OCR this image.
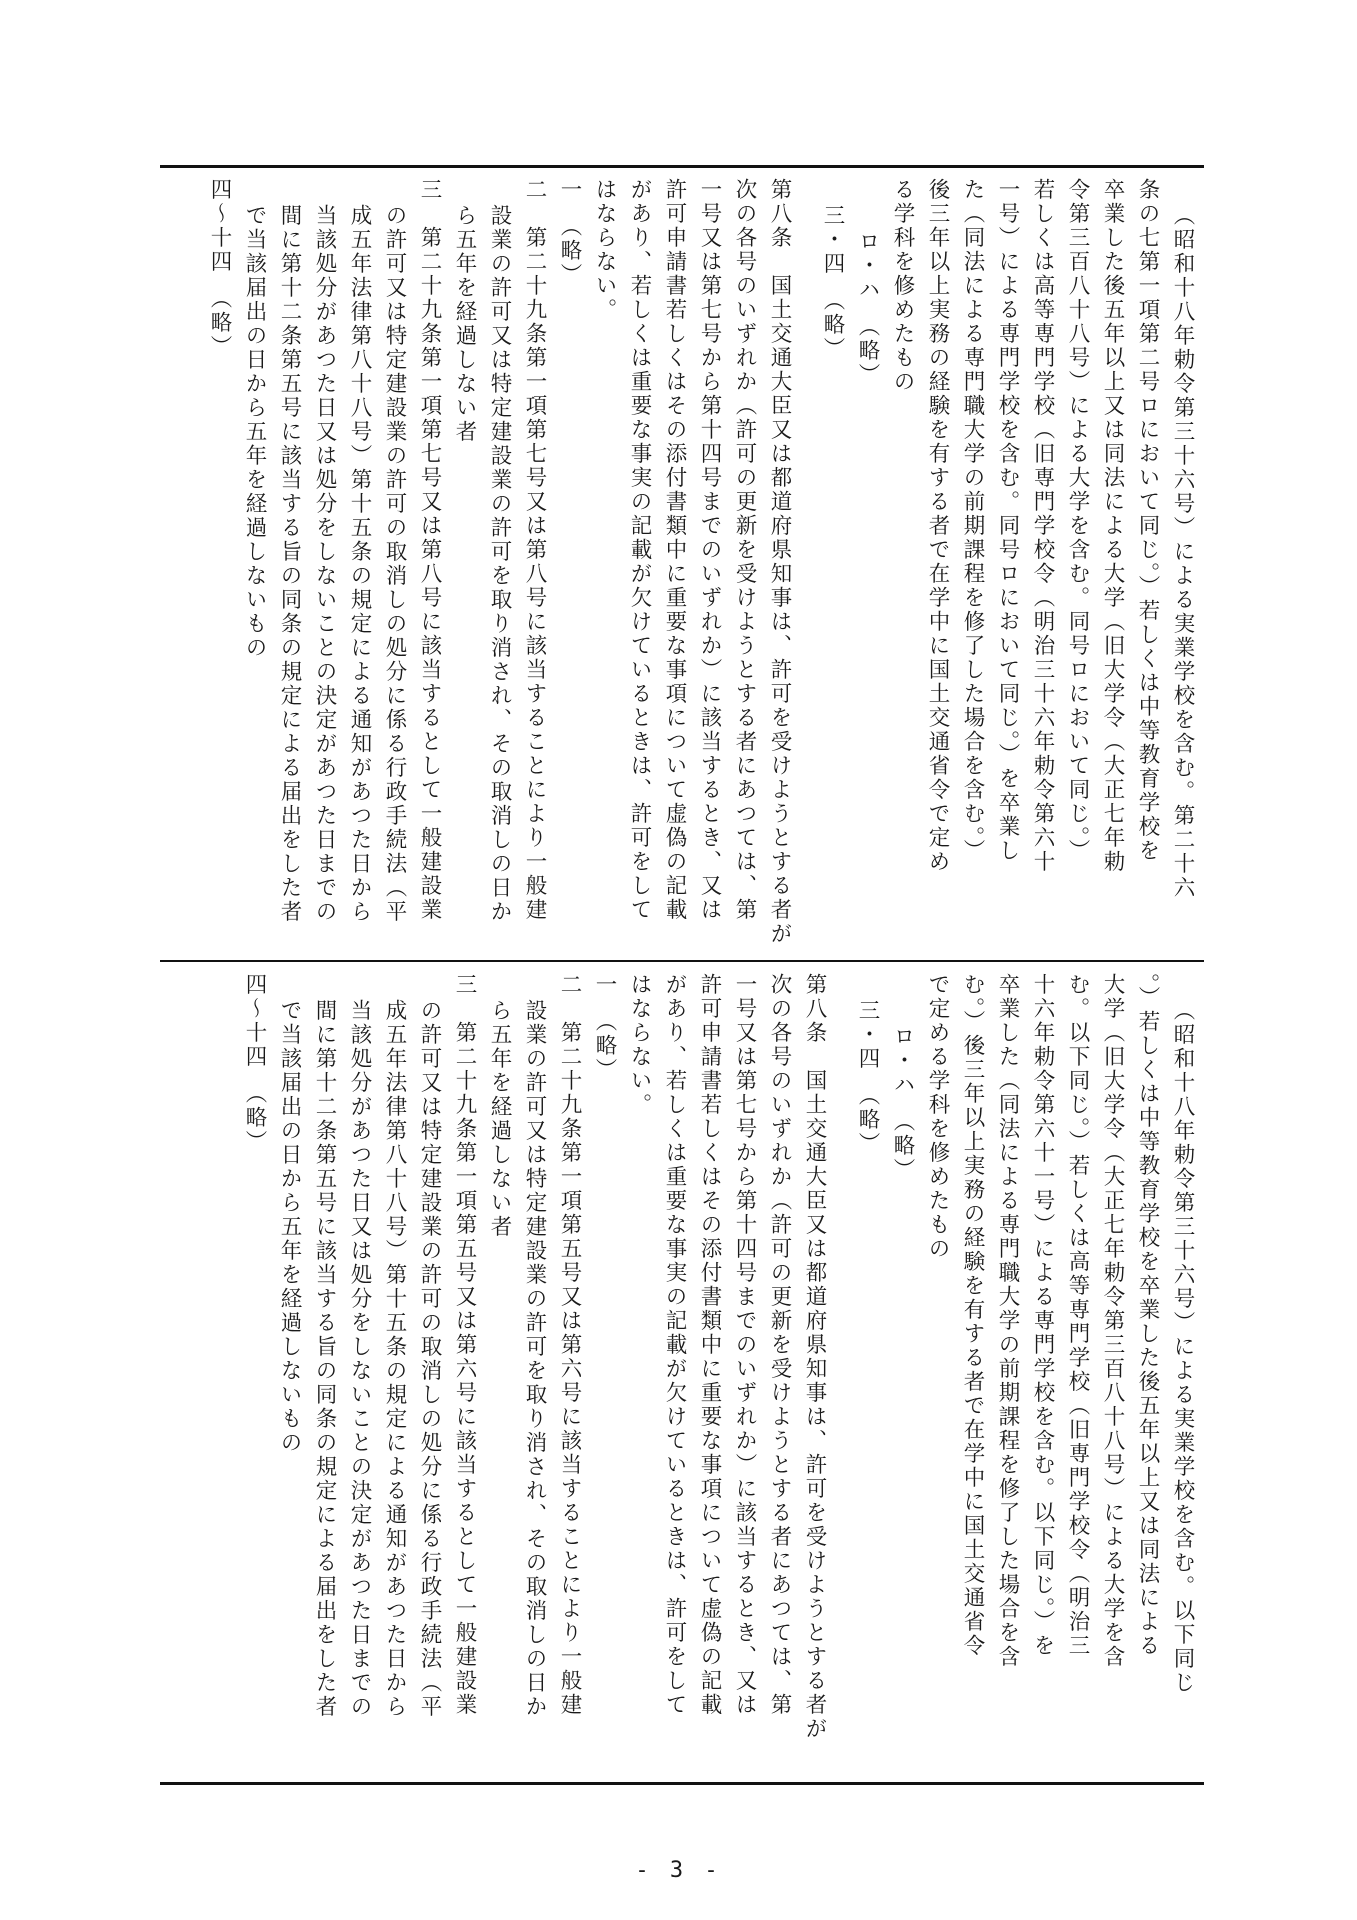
（昭和十八年勅令第三十六号）による実業学校を含む。第二十六
条の七第一項第二号ロにおいて同じ。）若しくは中等教育学校を
卒業した後五年以上又は同法による大学（旧大学令（大正七年勅
令第三百八十八号）による大学を含む。同号ロにおいて同じ。）
若しくは高等専門学校（旧専門学校令（明治三十六年勅令第六十
一号）による専門学校を含む。同号ロにおいて同じ。）を卒業し
た（同法による専門職大学の前期課程を修了した場合を含む。）
後三年以上実務の経験を有する者で在学中に国土交通省令で定め
る学科を修めたもの
ロ・ハ　（略）
三・四　（略）
第八条　国土交通大臣又は都道府県知事は、許可を受けようとする者が
次の各号のいずれか（許可の更新を受けようとする者にあつては、第
一号又は第七号から第十四号までのいずれか）に該当するとき、又は
許可申請書若しくはその添付書類中に重要な事項について虚偽の記載
があり、若しくは重要な事実の記載が欠けているときは、許可をして
はならない。
一　（略）
二　第二十九条第一項第七号又は第八号に該当することにより一般建
設業の許可又は特定建設業の許可を取り消され、その取消しの日か
ら五年を経過しない者
三　第二十九条第一項第七号又は第八号に該当するとして一般建設業
の許可又は特定建設業の許可の取消しの処分に係る行政手続法（平
成五年法律第八十八号）第十五条の規定による通知があつた日から
当該処分があつた日又は処分をしないことの決定があつた日までの
間に第十二条第五号に該当する旨の同条の規定による届出をした者
で当該届出の日から五年を経過しないもの
四～十四　（略）
（昭和十八年勅令第三十六号）による実業学校を含む。以下同じ
。）若しくは中等教育学校を卒業した後五年以上又は同法による
大学（旧大学令（大正七年勅令第三百八十八号）による大学を含
む。以下同じ。）若しくは高等専門学校（旧専門学校令（明治三
十六年勅令第六十一号）による専門学校を含む。以下同じ。）を
卒業した（同法による専門職大学の前期課程を修了した場合を含
む。）後三年以上実務の経験を有する者で在学中に国土交通省令
で定める学科を修めたもの
ロ・ハ　（略）
三・四　（略）
第八条　国土交通大臣又は都道府県知事は、許可を受けようとする者が
次の各号のいずれか（許可の更新を受けようとする者にあつては、第
一号又は第七号から第十四号までのいずれか）に該当するとき、又は
許可申請書若しくはその添付書類中に重要な事項について虚偽の記載
があり、若しくは重要な事実の記載が欠けているときは、許可をして
はならない。
一　（略）
二　第二十九条第一項第五号又は第六号に該当することにより一般建
設業の許可又は特定建設業の許可を取り消され、その取消しの日か
ら五年を経過しない者
三　第二十九条第一項第五号又は第六号に該当するとして一般建設業
の許可又は特定建設業の許可の取消しの処分に係る行政手続法（平
成五年法律第八十八号）第十五条の規定による通知があつた日から
当該処分があつた日又は処分をしないことの決定があつた日までの
間に第十二条第五号に該当する旨の同条の規定による届出をした者
で当該届出の日から五年を経過しないもの
四～十四　（略）
- 3 -
